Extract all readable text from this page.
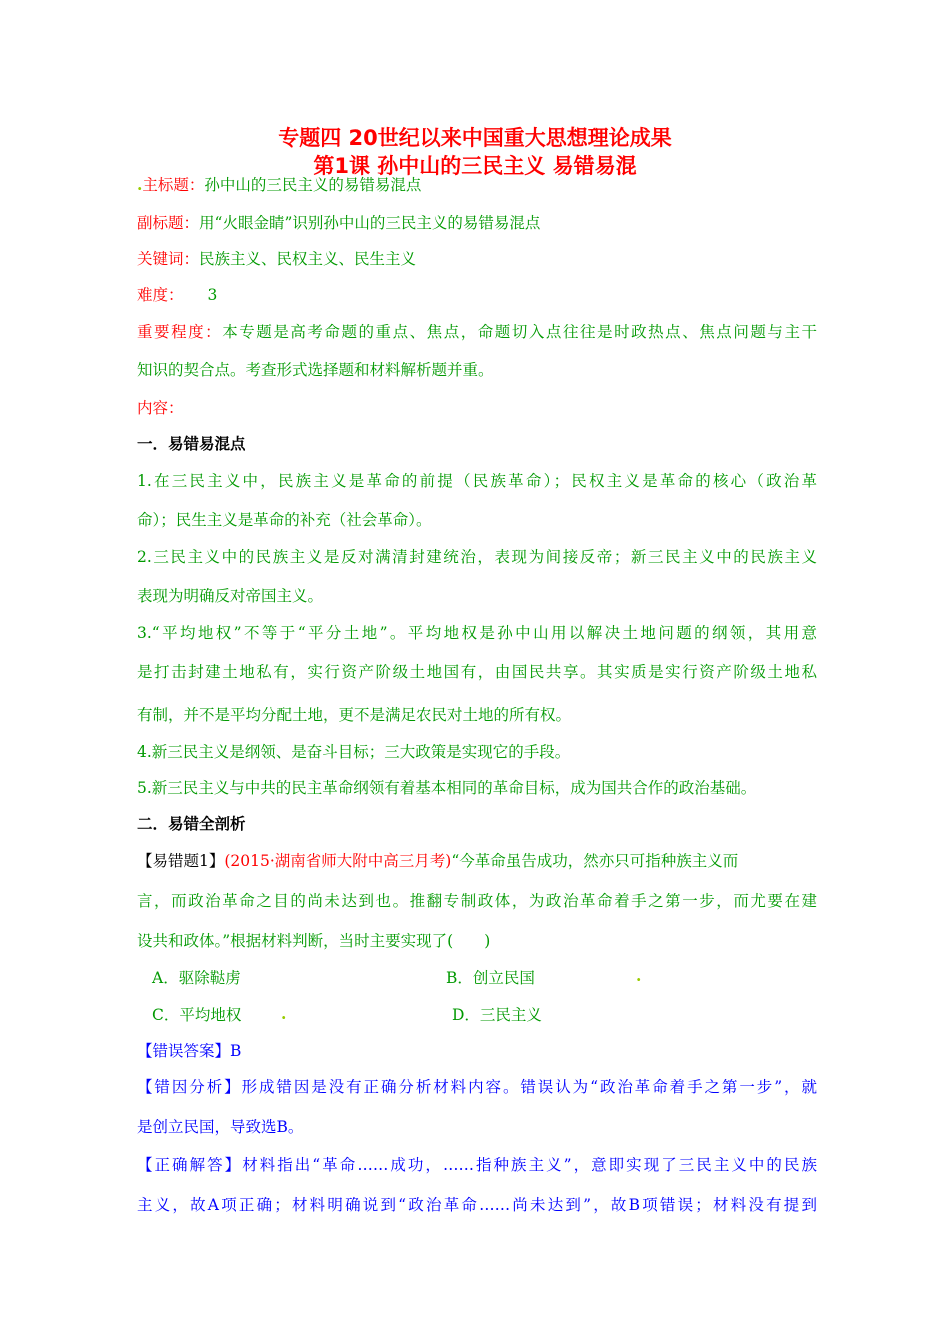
专题四 20世纪以来中国重大思想理论成果
第1课 孙中山的三民主义 易错易混
.主标题：孙中山的三民主义的易错易混点
副标题：用“火眼金睛”识别孙中山的三民主义的易错易混点
关键词：民族主义、民权主义、民生主义
难度： 3
重要程度：本专题是高考命题的重点、焦点，命题切入点往往是时政热点、焦点问题与主干
知识的契合点。考查形式选择题和材料解析题并重。
内容：
一．易错易混点
1.在三民主义中，民族主义是革命的前提（民族革命）；民权主义是革命的核心（政治革
命）；民生主义是革命的补充（社会革命）。
2.三民主义中的民族主义是反对满清封建统治，表现为间接反帝；新三民主义中的民族主义
表现为明确反对帝国主义。
3.“平均地权”不等于“平分土地”。平均地权是孙中山用以解决土地问题的纲领，其用意
是打击封建土地私有，实行资产阶级土地国有，由国民共享。其实质是实行资产阶级土地私
有制，并不是平均分配土地，更不是满足农民对土地的所有权。
4.新三民主义是纲领、是奋斗目标；三大政策是实现它的手段。
5.新三民主义与中共的民主革命纲领有着基本相同的革命目标，成为国共合作的政治基础。
二．易错全剖析
【易错题1】(2015·湖南省师大附中高三月考)“今革命虽告成功，然亦只可指种族主义而
言，而政治革命之目的尚未达到也。推翻专制政体，为政治革命着手之第一步，而尤要在建
设共和政体。”根据材料判断，当时主要实现了(　　)
A．驱除鞑虏	B．创立民国	.
C．平均地权	.	D．三民主义
【错误答案】B
【错因分析】形成错因是没有正确分析材料内容。错误认为“政治革命着手之第一步”，就
是创立民国，导致选B。
【正确解答】材料指出“革命……成功，……指种族主义”，意即实现了三民主义中的民族
主义，故A项正确；材料明确说到“政治革命……尚未达到”，故B项错误；材料没有提到
